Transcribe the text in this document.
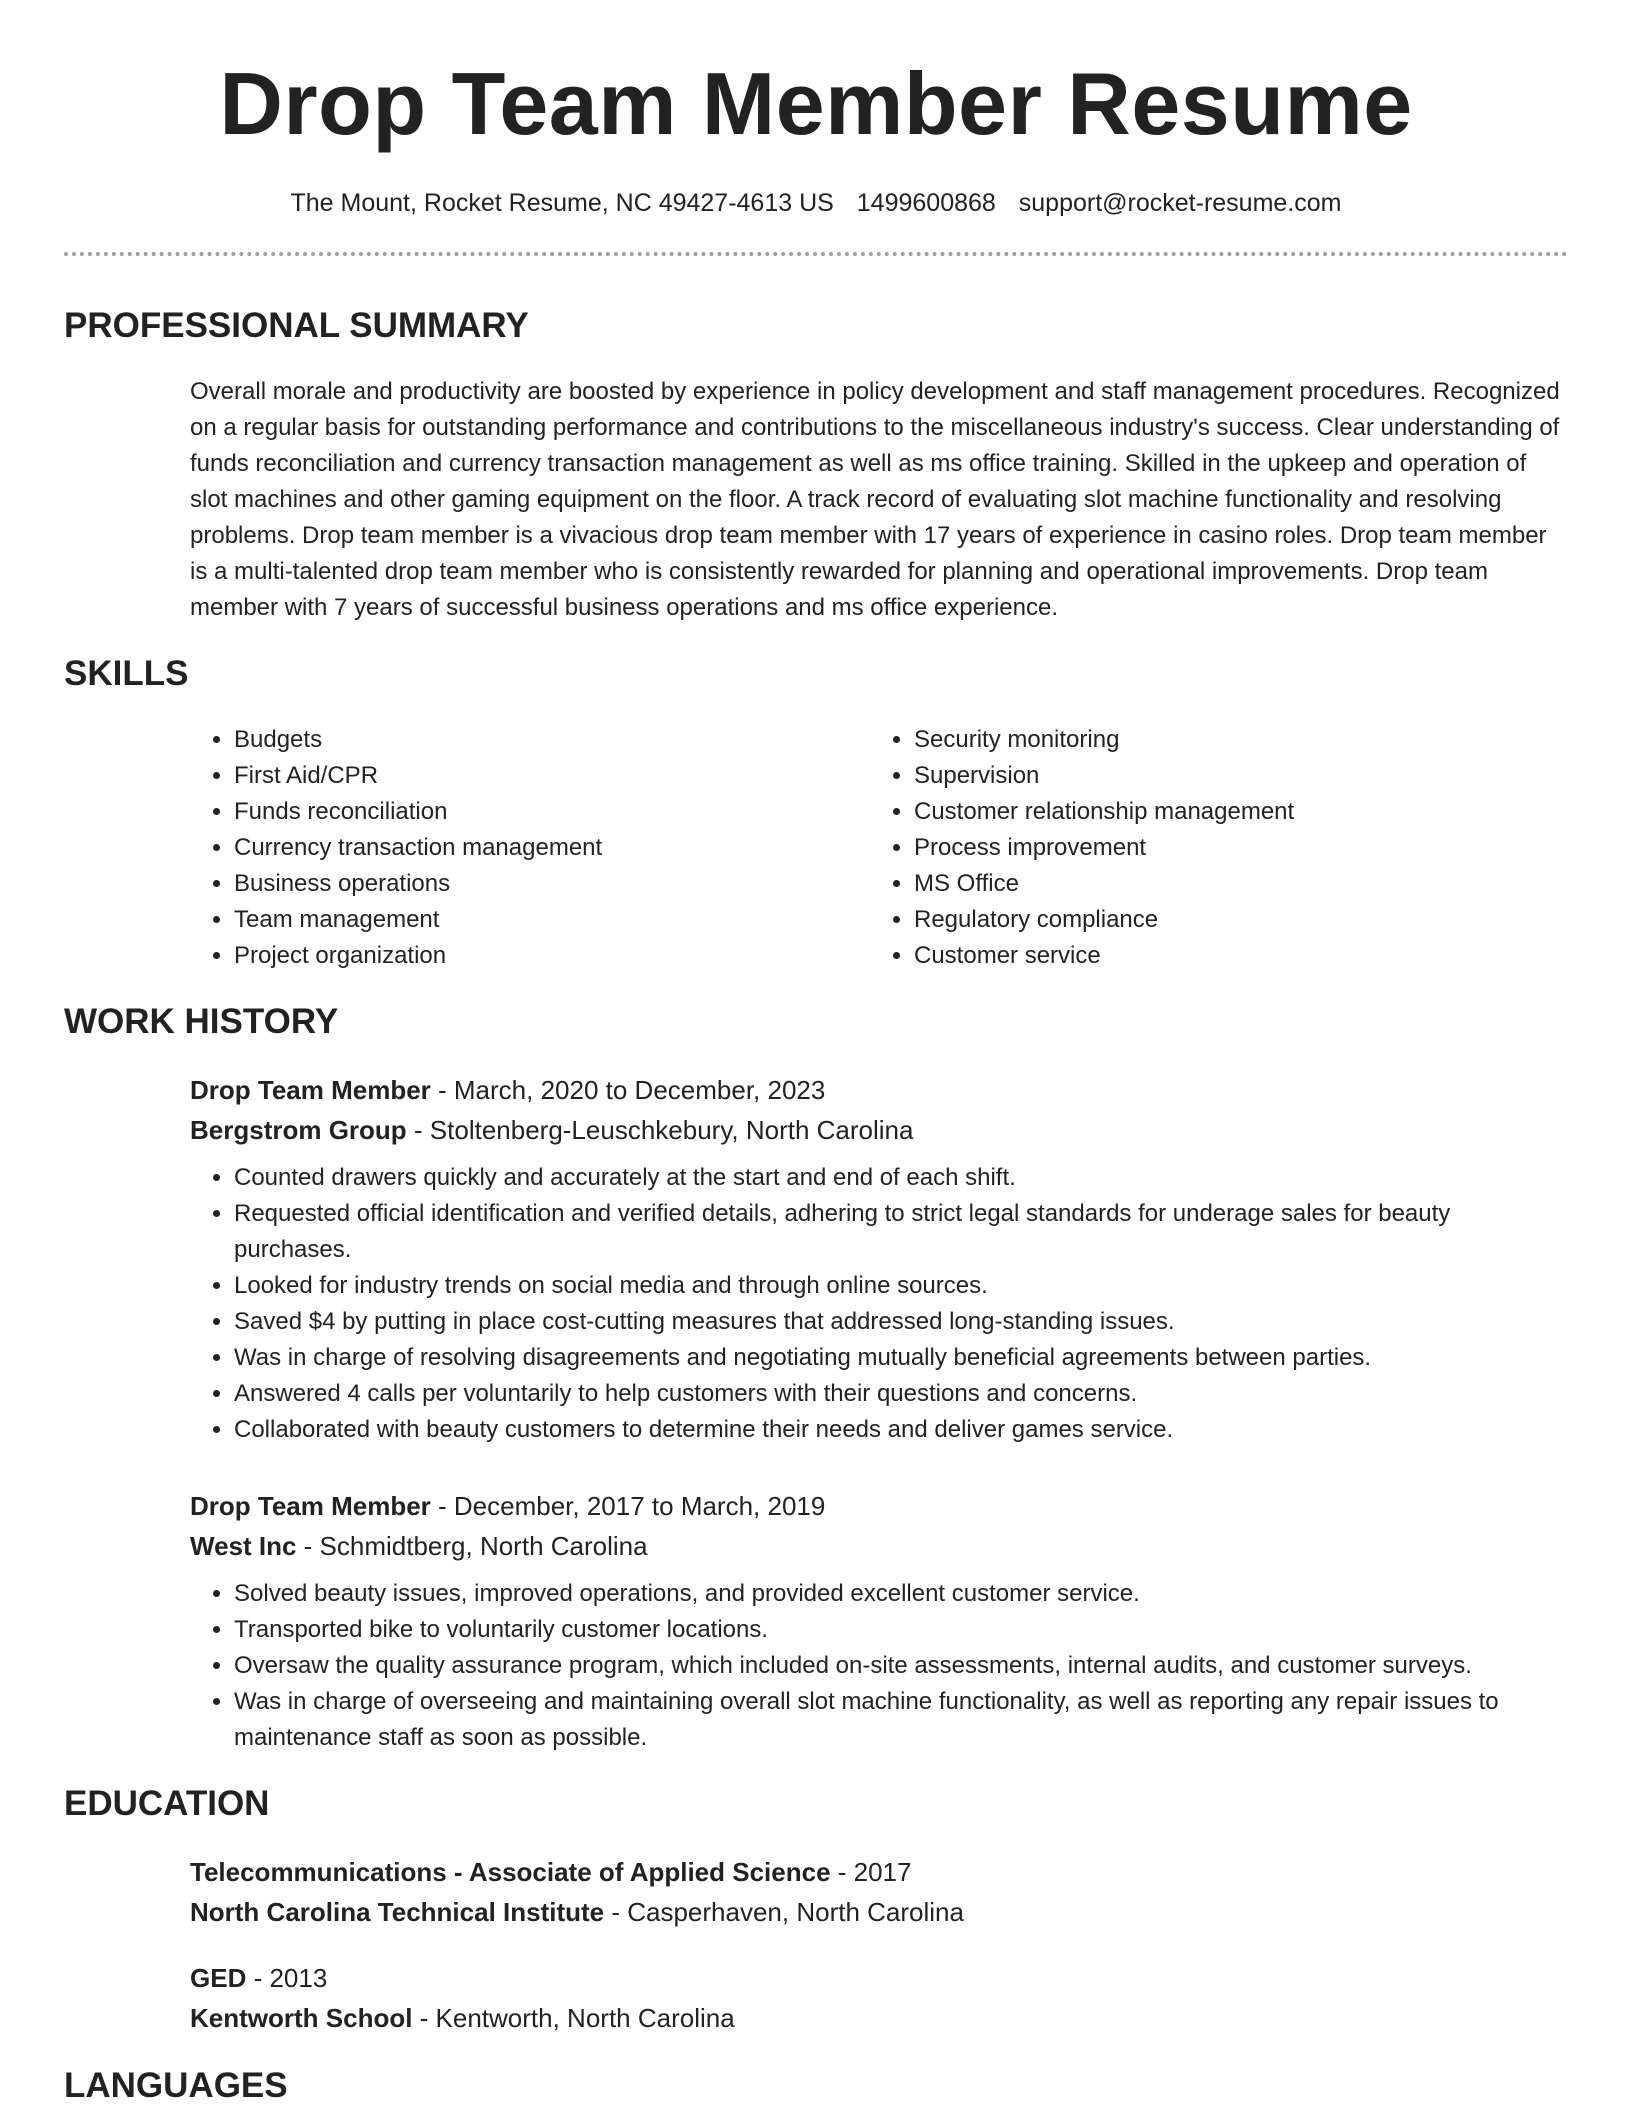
Drop Team Member Resume
The Mount, Rocket Resume, NC 49427-4613 US 1499600868 support@rocket-resume.com
PROFESSIONAL SUMMARY
Overall morale and productivity are boosted by experience in policy development and staff management procedures. Recognized on a regular basis for outstanding performance and contributions to the miscellaneous industry's success. Clear understanding of funds reconciliation and currency transaction management as well as ms office training. Skilled in the upkeep and operation of slot machines and other gaming equipment on the floor. A track record of evaluating slot machine functionality and resolving problems. Drop team member is a vivacious drop team member with 17 years of experience in casino roles. Drop team member is a multi-talented drop team member who is consistently rewarded for planning and operational improvements. Drop team member with 7 years of successful business operations and ms office experience.
SKILLS
• Budgets
• First Aid/CPR
• Funds reconciliation
• Currency transaction management
• Business operations
• Team management
• Project organization
• Security monitoring
• Supervision
• Customer relationship management
• Process improvement
• MS Office
• Regulatory compliance
• Customer service
WORK HISTORY
Drop Team Member - March, 2020 to December, 2023
Bergstrom Group - Stoltenberg-Leuschkebury, North Carolina
• Counted drawers quickly and accurately at the start and end of each shift.
• Requested official identification and verified details, adhering to strict legal standards for underage sales for beauty purchases.
• Looked for industry trends on social media and through online sources.
• Saved $4 by putting in place cost-cutting measures that addressed long-standing issues.
• Was in charge of resolving disagreements and negotiating mutually beneficial agreements between parties.
• Answered 4 calls per voluntarily to help customers with their questions and concerns.
• Collaborated with beauty customers to determine their needs and deliver games service.
Drop Team Member - December, 2017 to March, 2019
West Inc - Schmidtberg, North Carolina
• Solved beauty issues, improved operations, and provided excellent customer service.
• Transported bike to voluntarily customer locations.
• Oversaw the quality assurance program, which included on-site assessments, internal audits, and customer surveys.
• Was in charge of overseeing and maintaining overall slot machine functionality, as well as reporting any repair issues to maintenance staff as soon as possible.
EDUCATION
Telecommunications - Associate of Applied Science - 2017
North Carolina Technical Institute - Casperhaven, North Carolina
GED - 2013
Kentworth School - Kentworth, North Carolina
LANGUAGES
